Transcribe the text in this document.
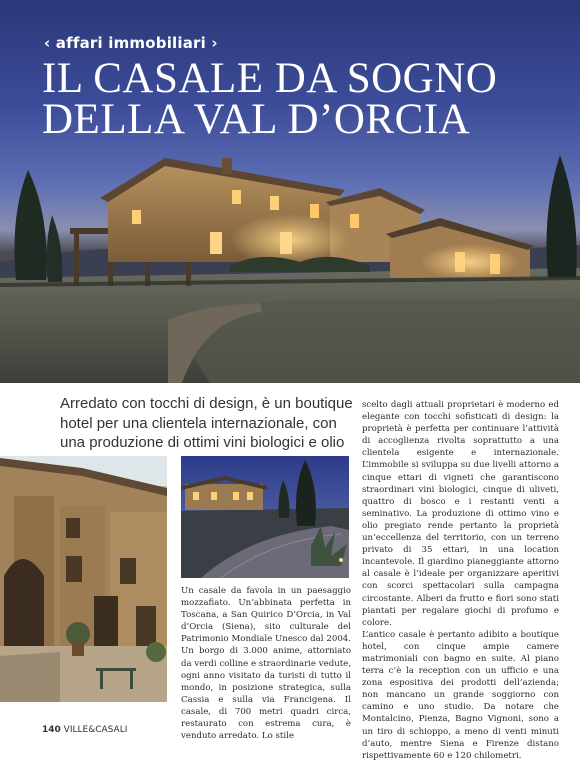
‹ affari immobiliari ›
IL CASALE DA SOGNO DELLA VAL D’ORCIA
Arredato con tocchi di design, è un boutique hotel per una clientela internazionale, con una produzione di ottimi vini biologici e olio

Un casale da favola in un paesaggio mozzafiato. Un’abbinata perfetta in Toscana, a San Quirico D’Orcia, in Val d’Orcia (Siena), sito culturale del Patrimonio Mondiale Unesco dal 2004. Un borgo di 3.000 anime, attorniato da verdi colline e straordinarie vedute, ogni anno visitato da turisti di tutto il mondo, in posizione strategica, sulla Cassia e sulla via Francigena. Il casale, di 700 metri quadri circa, restaurato con estrema cura, è venduto arredato. Lo stile

scelto dagli attuali proprietari è moderno ed elegante con tocchi sofisticati di design: la proprietà è perfetta per continuare l’attività di accoglienza rivolta soprattutto a una clientela esigente e internazionale. L’immobile si sviluppa su due livelli attorno a cinque ettari di vigneti che garantiscono straordinari vini biologici, cinque di uliveti, quattro di bosco e i restanti venti a seminativo. La produzione di ottimo vino e olio pregiato rende pertanto la proprietà un’eccellenza del territorio, con un terreno privato di 35 ettari, in una location incantevole. Il giardino pianeggiante attorno al casale è l’ideale per organizzare aperitivi con scorci spettacolari sulla campagna circostante. Alberi da frutto e fiori sono stati piantati per regalare giochi di profumo e colore.

L’antico casale è pertanto adibito a boutique hotel, con cinque ampie camere matrimoniali con bagno en suite. Al piano terra c’è la reception con un ufficio e una zona espositiva dei prodotti dell’azienda; non mancano un grande soggiorno con camino e uno studio. Da notare che Montalcino, Pienza, Bagno Vignoni, sono a un tiro di schioppo, a meno di venti minuti d’auto, mentre Siena e Firenze distano rispettivamente 60 e 120 chilometri.

140 VILLE&CASALI
